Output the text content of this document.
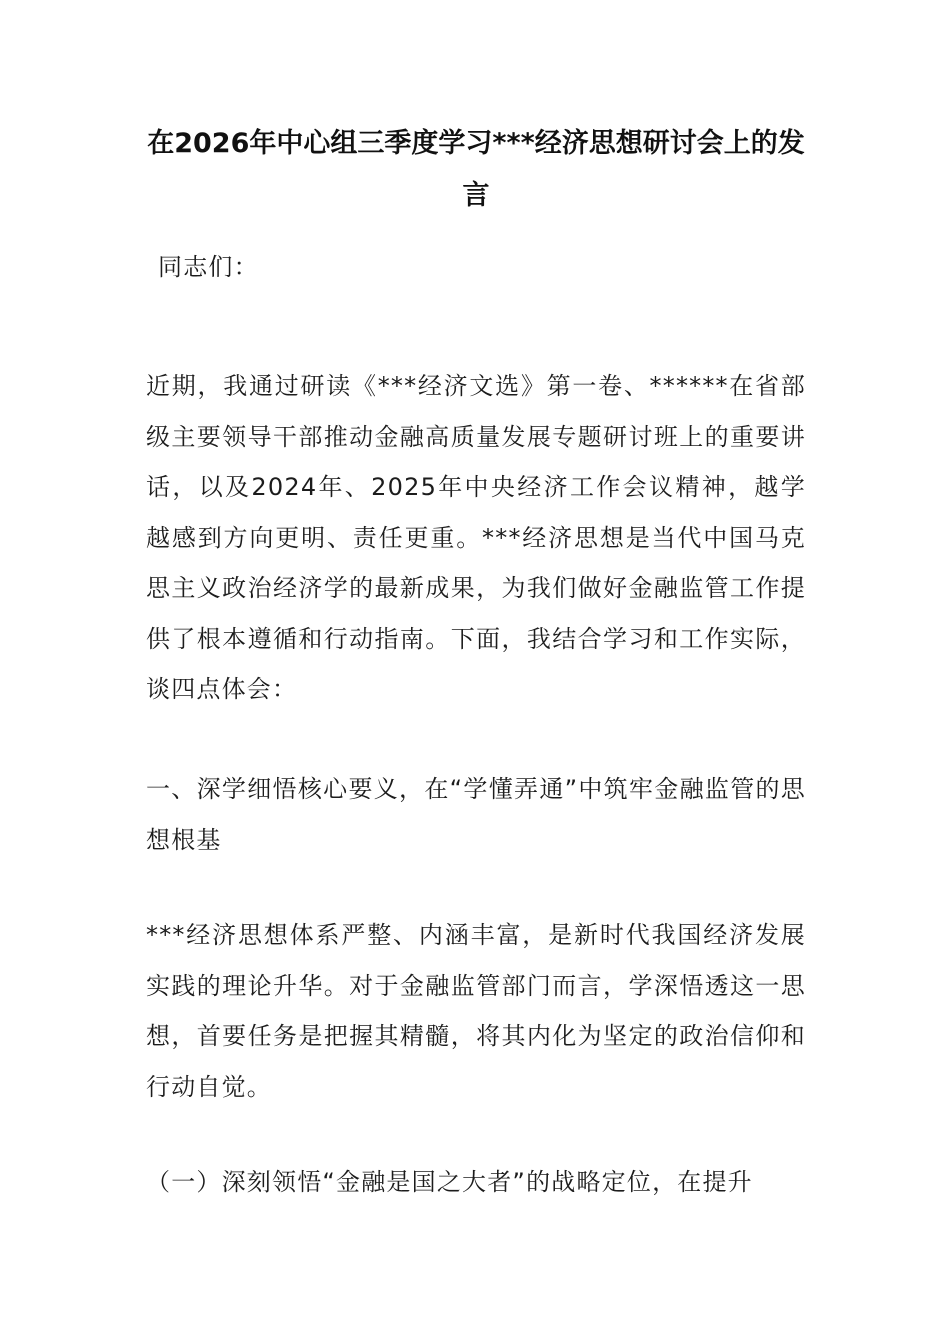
在2026年中心组三季度学习***经济思想研讨会上的发言

同志们：

近期，我通过研读《***经济文选》第一卷、******在省部级主要领导干部推动金融高质量发展专题研讨班上的重要讲话，以及2024年、2025年中央经济工作会议精神，越学越感到方向更明、责任更重。***经济思想是当代中国马克思主义政治经济学的最新成果，为我们做好金融监管工作提供了根本遵循和行动指南。下面，我结合学习和工作实际，谈四点体会：

一、深学细悟核心要义，在“学懂弄通”中筑牢金融监管的思想根基

***经济思想体系严整、内涵丰富，是新时代我国经济发展实践的理论升华。对于金融监管部门而言，学深悟透这一思想，首要任务是把握其精髓，将其内化为坚定的政治信仰和行动自觉。

（一）深刻领悟“金融是国之大者”的战略定位，在提升
